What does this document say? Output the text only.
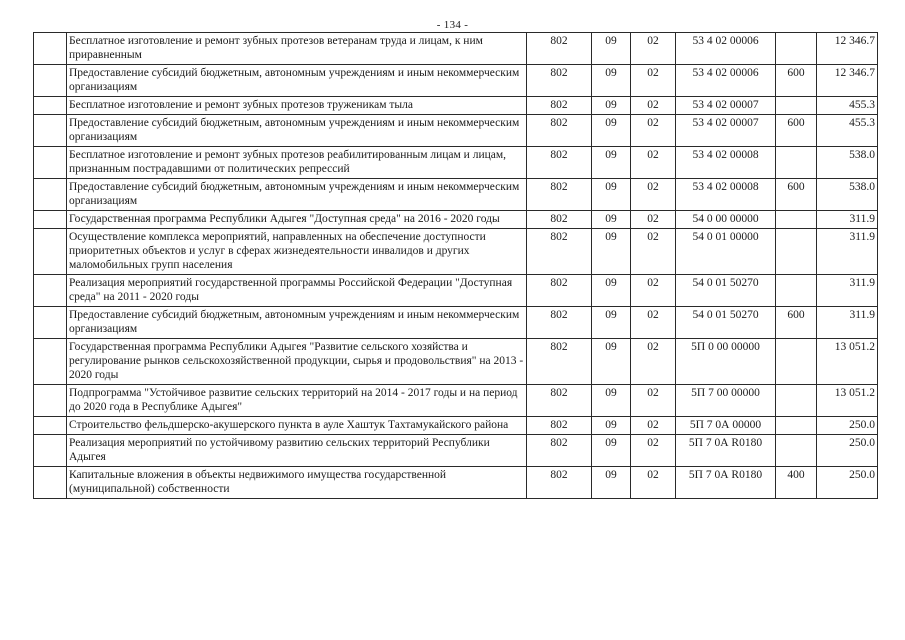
- 134 -
	Бесплатное изготовление и ремонт зубных протезов ветеранам труда и лицам, к ним приравненным	802	09	02	53 4 02 00006		12 346.7
	Предоставление субсидий бюджетным, автономным учреждениям и иным некоммерческим организациям	802	09	02	53 4 02 00006	600	12 346.7
	Бесплатное изготовление и ремонт зубных протезов труженикам тыла	802	09	02	53 4 02 00007		455.3
	Предоставление субсидий бюджетным, автономным учреждениям и иным некоммерческим организациям	802	09	02	53 4 02 00007	600	455.3
	Бесплатное изготовление и ремонт зубных протезов реабилитированным лицам и лицам, признанным пострадавшими от политических репрессий	802	09	02	53 4 02 00008		538.0
	Предоставление субсидий бюджетным, автономным учреждениям и иным некоммерческим организациям	802	09	02	53 4 02 00008	600	538.0
	Государственная программа Республики Адыгея "Доступная среда" на 2016 - 2020 годы	802	09	02	54 0 00 00000		311.9
	Осуществление комплекса мероприятий, направленных на обеспечение доступности приоритетных объектов и услуг в сферах жизнедеятельности инвалидов и других маломобильных групп населения	802	09	02	54 0 01 00000		311.9
	Реализация мероприятий государственной программы Российской Федерации "Доступная среда" на 2011 - 2020 годы	802	09	02	54 0 01 50270		311.9
	Предоставление субсидий бюджетным, автономным учреждениям и иным некоммерческим организациям	802	09	02	54 0 01 50270	600	311.9
	Государственная программа Республики Адыгея "Развитие сельского хозяйства и регулирование рынков сельскохозяйственной продукции, сырья и продовольствия" на 2013 - 2020 годы	802	09	02	5П 0 00 00000		13 051.2
	Подпрограмма "Устойчивое развитие сельских территорий на 2014 - 2017 годы и на период до 2020 года в Республике Адыгея"	802	09	02	5П 7 00 00000		13 051.2
	Строительство фельдшерско-акушерского пункта в ауле Хаштук Тахтамукайского района	802	09	02	5П 7 0А 00000		250.0
	Реализация мероприятий по устойчивому развитию сельских территорий Республики Адыгея	802	09	02	5П 7 0А R0180		250.0
	Капитальные вложения в объекты недвижимого имущества государственной (муниципальной) собственности	802	09	02	5П 7 0А R0180	400	250.0
